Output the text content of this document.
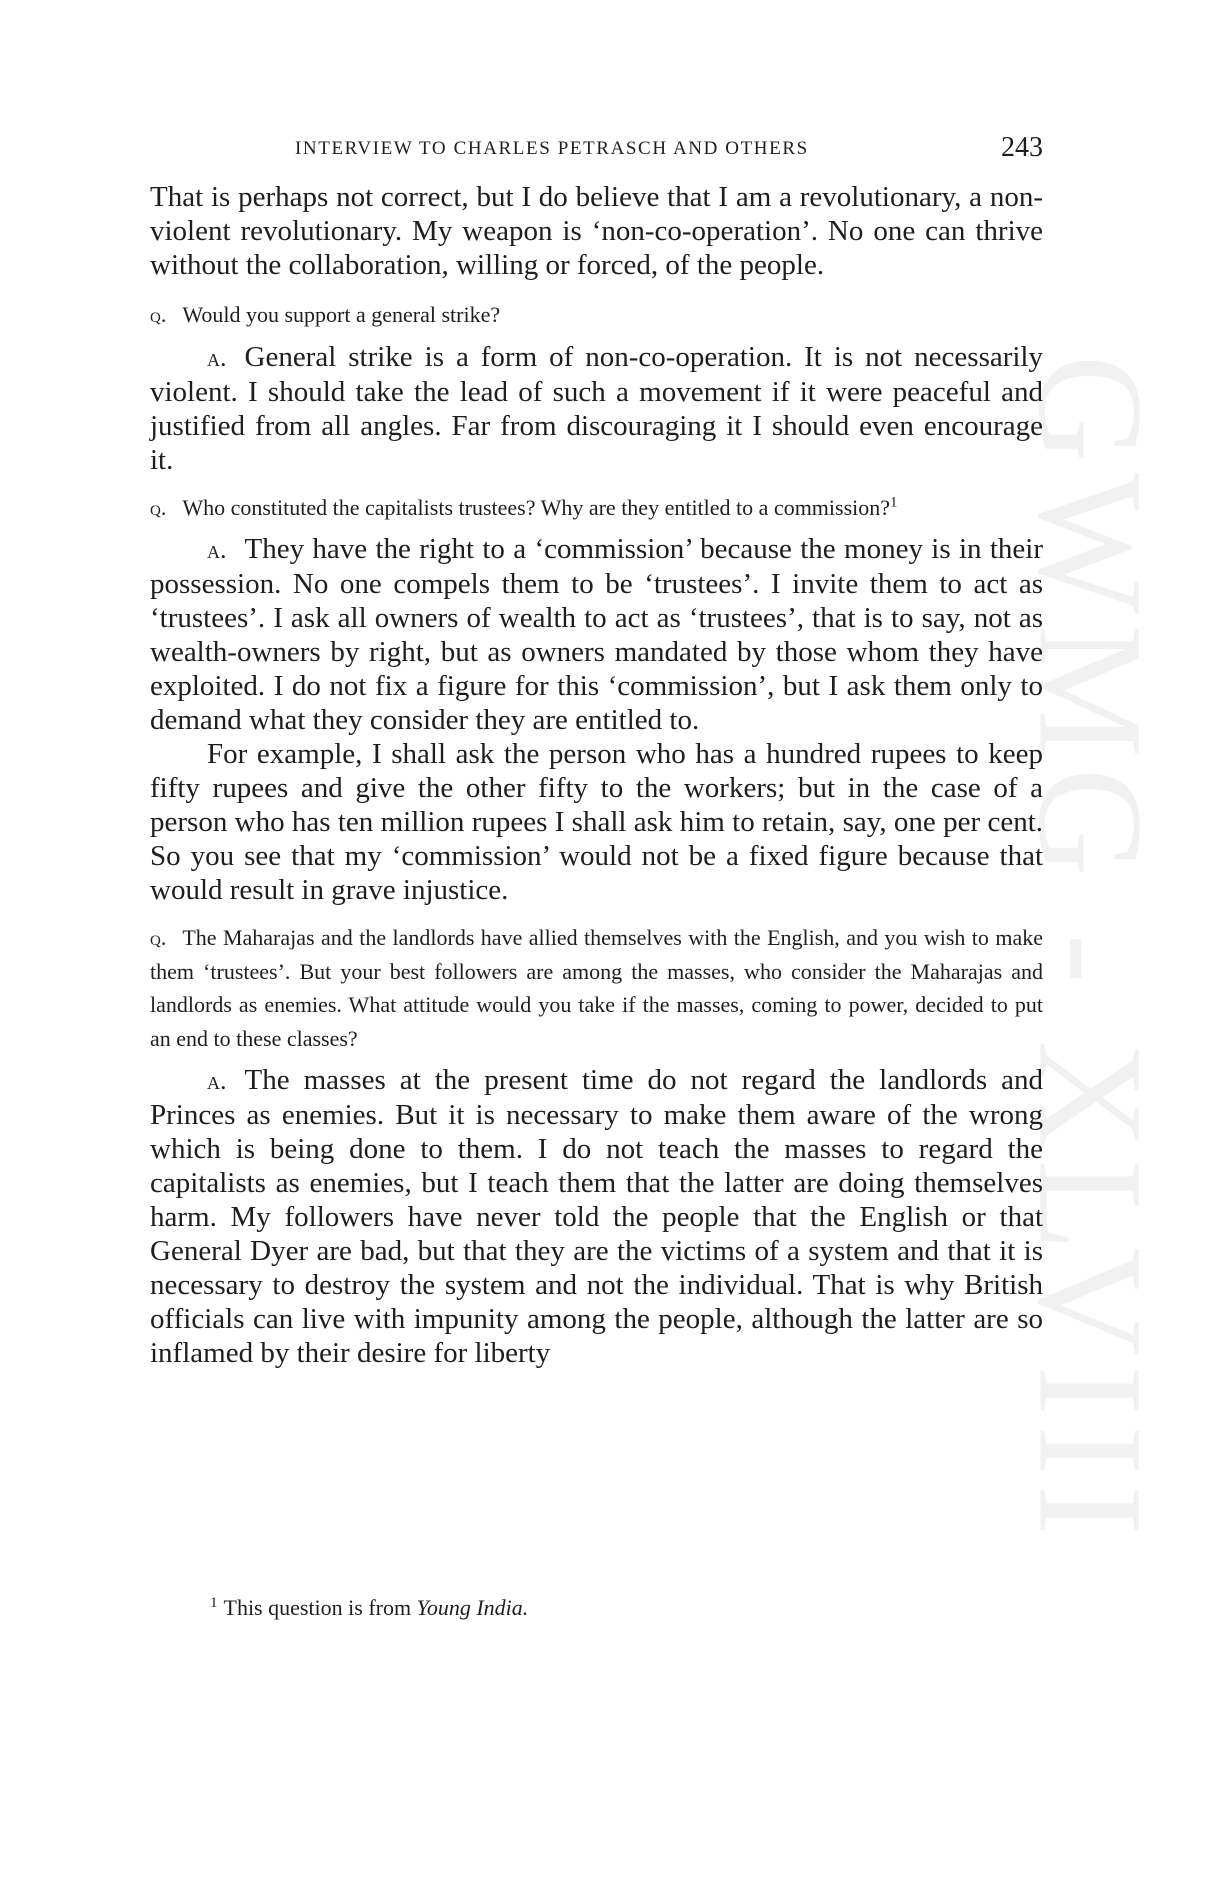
INTERVIEW TO CHARLES PETRASCH AND OTHERS	243

That is perhaps not correct, but I do believe that I am a revolutionary, a non-violent revolutionary. My weapon is ‘non-co-operation’. No one can thrive without the collaboration, willing or forced, of the people.

q. Would you support a general strike?

a. General strike is a form of non-co-operation. It is not necessarily violent. I should take the lead of such a movement if it were peaceful and justified from all angles. Far from discouraging it I should even encourage it.

q. Who constituted the capitalists trustees? Why are they entitled to a commission?$^1$

a. They have the right to a ‘commission’ because the money is in their possession. No one compels them to be ‘trustees’. I invite them to act as ‘trustees’. I ask all owners of wealth to act as ‘trustees’, that is to say, not as wealth-owners by right, but as owners mandated by those whom they have exploited. I do not fix a figure for this ‘commission’, but I ask them only to demand what they consider they are entitled to.

For example, I shall ask the person who has a hundred rupees to keep fifty rupees and give the other fifty to the workers; but in the case of a person who has ten million rupees I shall ask him to retain, say, one per cent. So you see that my ‘commission’ would not be a fixed figure because that would result in grave injustice.

q. The Maharajas and the landlords have allied themselves with the English, and you wish to make them ‘trustees’. But your best followers are among the masses, who consider the Maharajas and landlords as enemies. What attitude would you take if the masses, coming to power, decided to put an end to these classes?

a. The masses at the present time do not regard the landlords and Princes as enemies. But it is necessary to make them aware of the wrong which is being done to them. I do not teach the masses to regard the capitalists as enemies, but I teach them that the latter are doing themselves harm. My followers have never told the people that the English or that General Dyer are bad, but that they are the victims of a system and that it is necessary to destroy the system and not the individual. That is why British officials can live with impunity among the people, although the latter are so inflamed by their desire for liberty

$^1$ This question is from Young India.
GWMG - XLVIII
